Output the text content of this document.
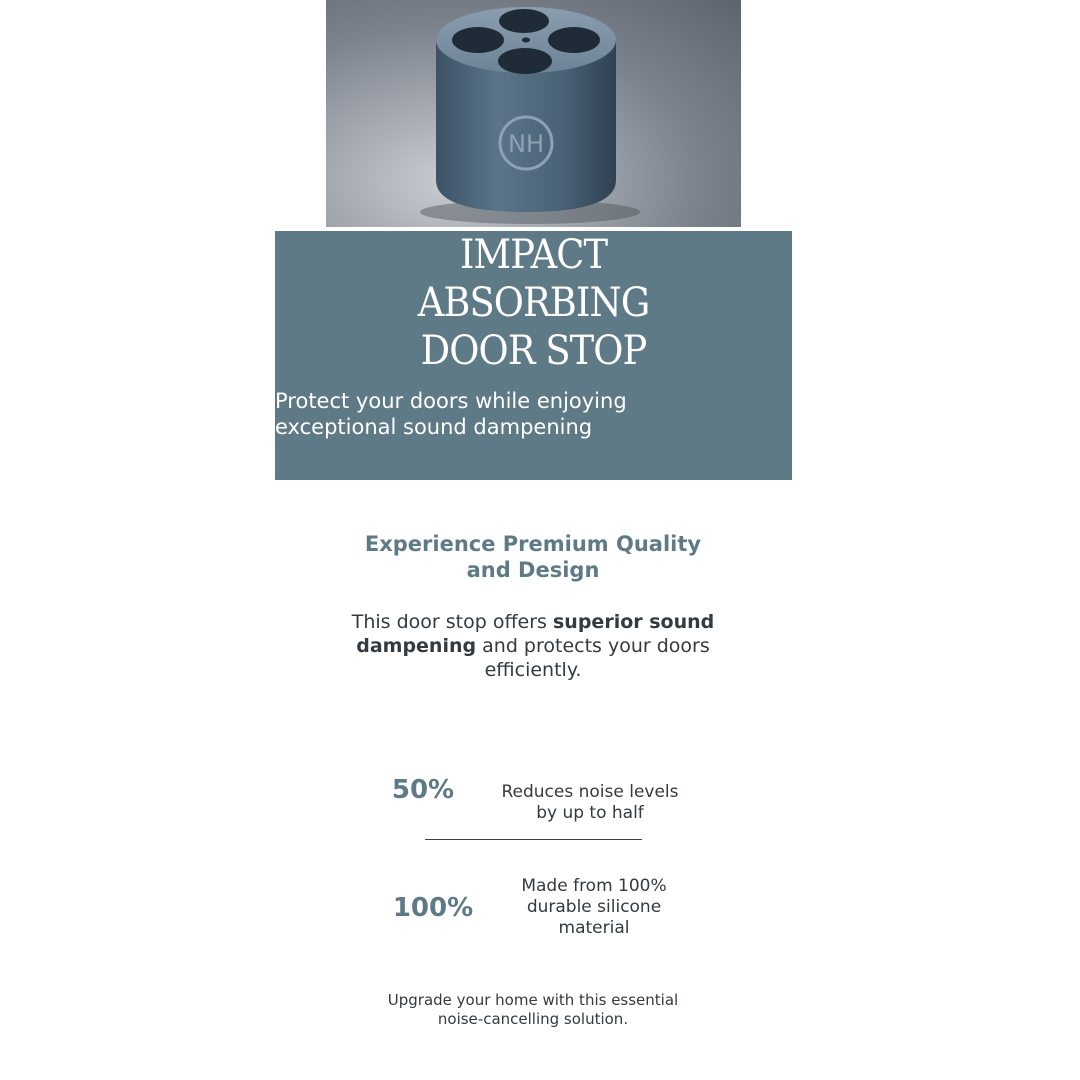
NH
IMPACT
ABSORBING
DOOR STOP

Protect your doors while enjoying
exceptional sound dampening

Experience Premium Quality
and Design

This door stop offers superior sound dampening and protects your doors efficiently.

50%	Reduces noise levels
by up to half
100%
Made from 100%
durable silicone
material

Upgrade your home with this essential
noise-cancelling solution.
